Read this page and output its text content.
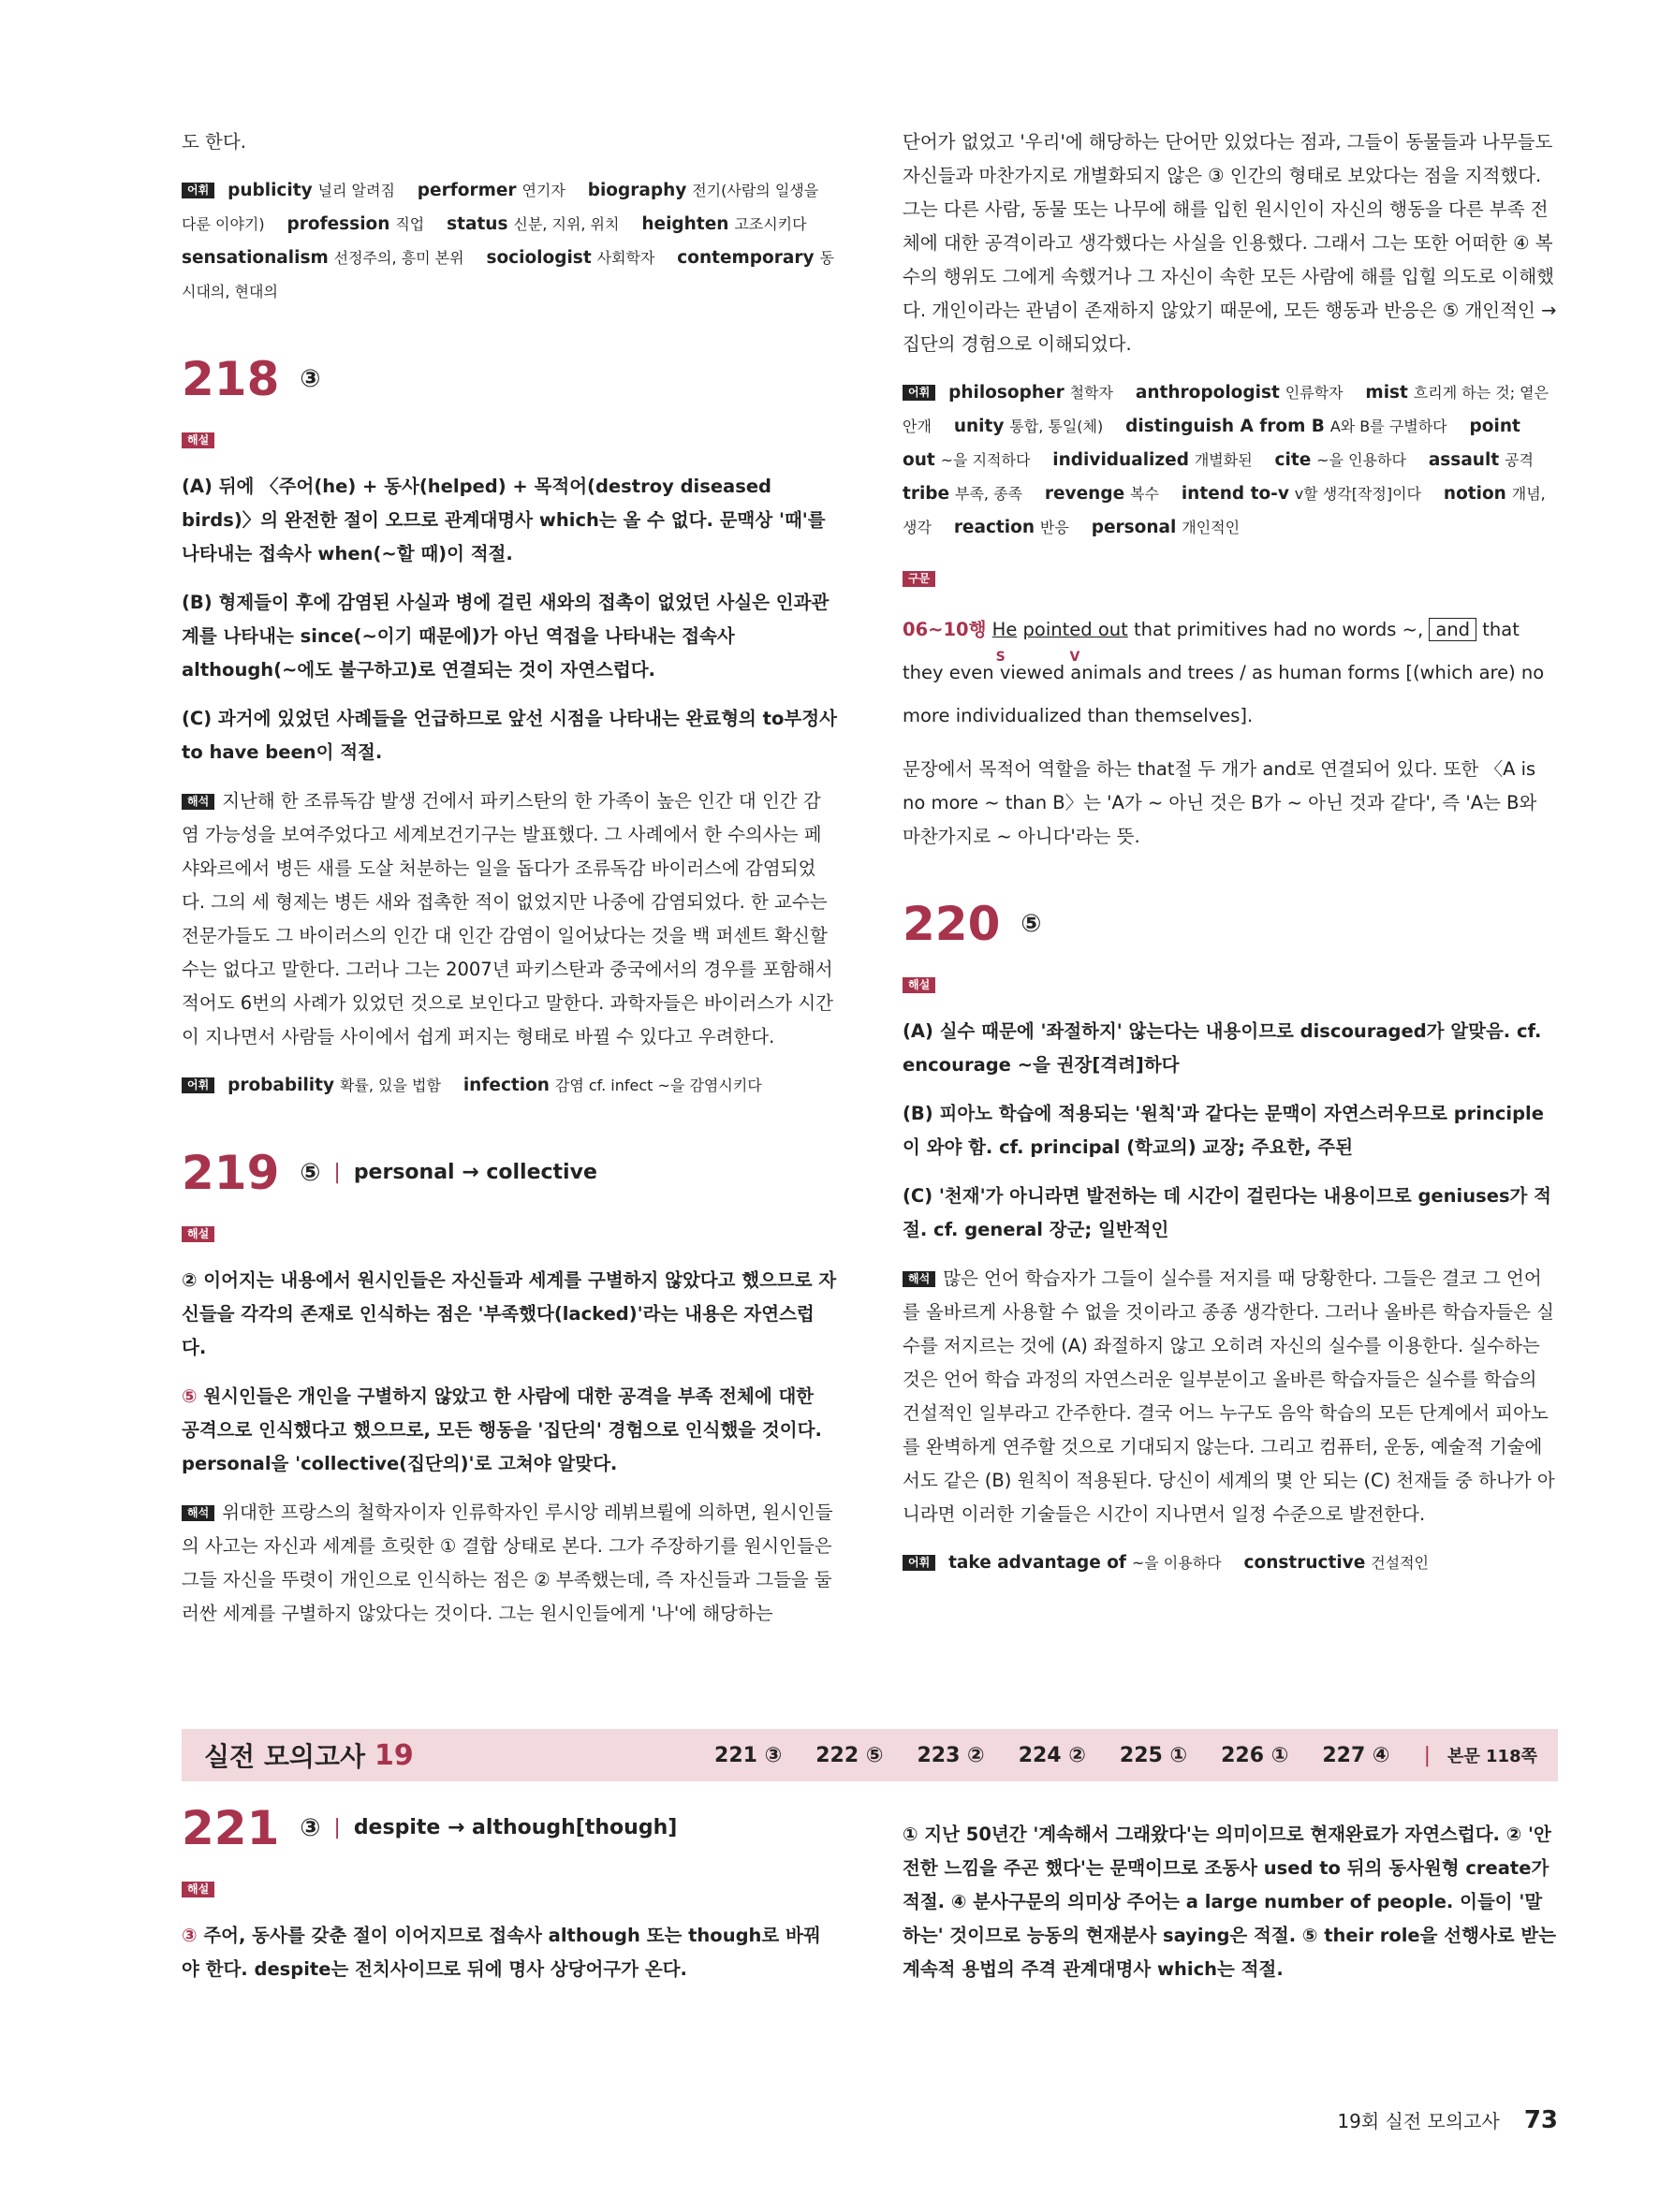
도 한다.

어휘 publicity 널리 알려짐 performer 연기자 biography 전기(사람의 일생을 다룬 이야기) profession 직업 status 신분, 지위, 위치 heighten 고조시키다 sensationalism 선정주의, 흥미 본위 sociologist 사회학자 contemporary 동시대의, 현대의
218 ③

해설

(A) 뒤에 〈주어(he) + 동사(helped) + 목적어(destroy diseased birds)〉의 완전한 절이 오므로 관계대명사 which는 올 수 없다. 문맥상 '때'를 나타내는 접속사 when(~할 때)이 적절.

(B) 형제들이 후에 감염된 사실과 병에 걸린 새와의 접촉이 없었던 사실은 인과관계를 나타내는 since(~이기 때문에)가 아닌 역접을 나타내는 접속사 although(~에도 불구하고)로 연결되는 것이 자연스럽다.

(C) 과거에 있었던 사례들을 언급하므로 앞선 시점을 나타내는 완료형의 to부정사 to have been이 적절.

해석 지난해 한 조류독감 발생 건에서 파키스탄의 한 가족이 높은 인간 대 인간 감염 가능성을 보여주었다고 세계보건기구는 발표했다. 그 사례에서 한 수의사는 페샤와르에서 병든 새를 도살 처분하는 일을 돕다가 조류독감 바이러스에 감염되었다. 그의 세 형제는 병든 새와 접촉한 적이 없었지만 나중에 감염되었다. 한 교수는 전문가들도 그 바이러스의 인간 대 인간 감염이 일어났다는 것을 백 퍼센트 확신할 수는 없다고 말한다. 그러나 그는 2007년 파키스탄과 중국에서의 경우를 포함해서 적어도 6번의 사례가 있었던 것으로 보인다고 말한다. 과학자들은 바이러스가 시간이 지나면서 사람들 사이에서 쉽게 퍼지는 형태로 바뀔 수 있다고 우려한다.

어휘 probability 확률, 있을 법함 infection 감염 cf. infect ~을 감염시키다
219 ⑤ | personal → collective

해설

② 이어지는 내용에서 원시인들은 자신들과 세계를 구별하지 않았다고 했으므로 자신들을 각각의 존재로 인식하는 점은 '부족했다(lacked)'라는 내용은 자연스럽다.

⑤ 원시인들은 개인을 구별하지 않았고 한 사람에 대한 공격을 부족 전체에 대한 공격으로 인식했다고 했으므로, 모든 행동을 '집단의' 경험으로 인식했을 것이다. personal을 'collective(집단의)'로 고쳐야 알맞다.

해석 위대한 프랑스의 철학자이자 인류학자인 루시앙 레뷔브륄에 의하면, 원시인들의 사고는 자신과 세계를 흐릿한 ① 결합 상태로 본다. 그가 주장하기를 원시인들은 그들 자신을 뚜렷이 개인으로 인식하는 점은 ② 부족했는데, 즉 자신들과 그들을 둘러싼 세계를 구별하지 않았다는 것이다. 그는 원시인들에게 '나'에 해당하는

단어가 없었고 '우리'에 해당하는 단어만 있었다는 점과, 그들이 동물들과 나무들도 자신들과 마찬가지로 개별화되지 않은 ③ 인간의 형태로 보았다는 점을 지적했다. 그는 다른 사람, 동물 또는 나무에 해를 입힌 원시인이 자신의 행동을 다른 부족 전체에 대한 공격이라고 생각했다는 사실을 인용했다. 그래서 그는 또한 어떠한 ④ 복수의 행위도 그에게 속했거나 그 자신이 속한 모든 사람에 해를 입힐 의도로 이해했다. 개인이라는 관념이 존재하지 않았기 때문에, 모든 행동과 반응은 ⑤ 개인적인 → 집단의 경험으로 이해되었다.

어휘 philosopher 철학자 anthropologist 인류학자 mist 흐리게 하는 것; 옅은 안개 unity 통합, 통일(체) distinguish A from B A와 B를 구별하다 point out ~을 지적하다 individualized 개별화된 cite ~을 인용하다 assault 공격 tribe 부족, 종족 revenge 복수 intend to-v v할 생각[작정]이다 notion 개념, 생각 reaction 반응 personal 개인적인

구문

06~10행 He
S
pointed out
V
that primitives had no words ~, and that they even viewed animals and trees / as human forms [(which are) no more individualized than themselves].

문장에서 목적어 역할을 하는 that절 두 개가 and로 연결되어 있다. 또한 〈A is no more ~ than B〉는 'A가 ~ 아닌 것은 B가 ~ 아닌 것과 같다', 즉 'A는 B와 마찬가지로 ~ 아니다'라는 뜻.

220 ⑤

해설

(A) 실수 때문에 '좌절하지' 않는다는 내용이므로 discouraged가 알맞음. cf. encourage ~을 권장[격려]하다

(B) 피아노 학습에 적용되는 '원칙'과 같다는 문맥이 자연스러우므로 principle이 와야 함. cf. principal (학교의) 교장; 주요한, 주된

(C) '천재'가 아니라면 발전하는 데 시간이 걸린다는 내용이므로 geniuses가 적절. cf. general 장군; 일반적인

해석 많은 언어 학습자가 그들이 실수를 저지를 때 당황한다. 그들은 결코 그 언어를 올바르게 사용할 수 없을 것이라고 종종 생각한다. 그러나 올바른 학습자들은 실수를 저지르는 것에 (A) 좌절하지 않고 오히려 자신의 실수를 이용한다. 실수하는 것은 언어 학습 과정의 자연스러운 일부분이고 올바른 학습자들은 실수를 학습의 건설적인 일부라고 간주한다. 결국 어느 누구도 음악 학습의 모든 단계에서 피아노를 완벽하게 연주할 것으로 기대되지 않는다. 그리고 컴퓨터, 운동, 예술적 기술에서도 같은 (B) 원칙이 적용된다. 당신이 세계의 몇 안 되는 (C) 천재들 중 하나가 아니라면 이러한 기술들은 시간이 지나면서 일정 수준으로 발전한다.

어휘 take advantage of ~을 이용하다 constructive 건설적인
실전 모의고사 19	221 ③ 222 ⑤ 223 ② 224 ② 225 ① 226 ① 227 ④ | 본문 118쪽
221 ③ | despite → although[though]

해설

③ 주어, 동사를 갖춘 절이 이어지므로 접속사 although 또는 though로 바꿔야 한다. despite는 전치사이므로 뒤에 명사 상당어구가 온다.

① 지난 50년간 '계속해서 그래왔다'는 의미이므로 현재완료가 자연스럽다. ② '안전한 느낌을 주곤 했다'는 문맥이므로 조동사 used to 뒤의 동사원형 create가 적절. ④ 분사구문의 의미상 주어는 a large number of people. 이들이 '말하는' 것이므로 능동의 현재분사 saying은 적절. ⑤ their role을 선행사로 받는 계속적 용법의 주격 관계대명사 which는 적절.

19회 실전 모의고사 73
